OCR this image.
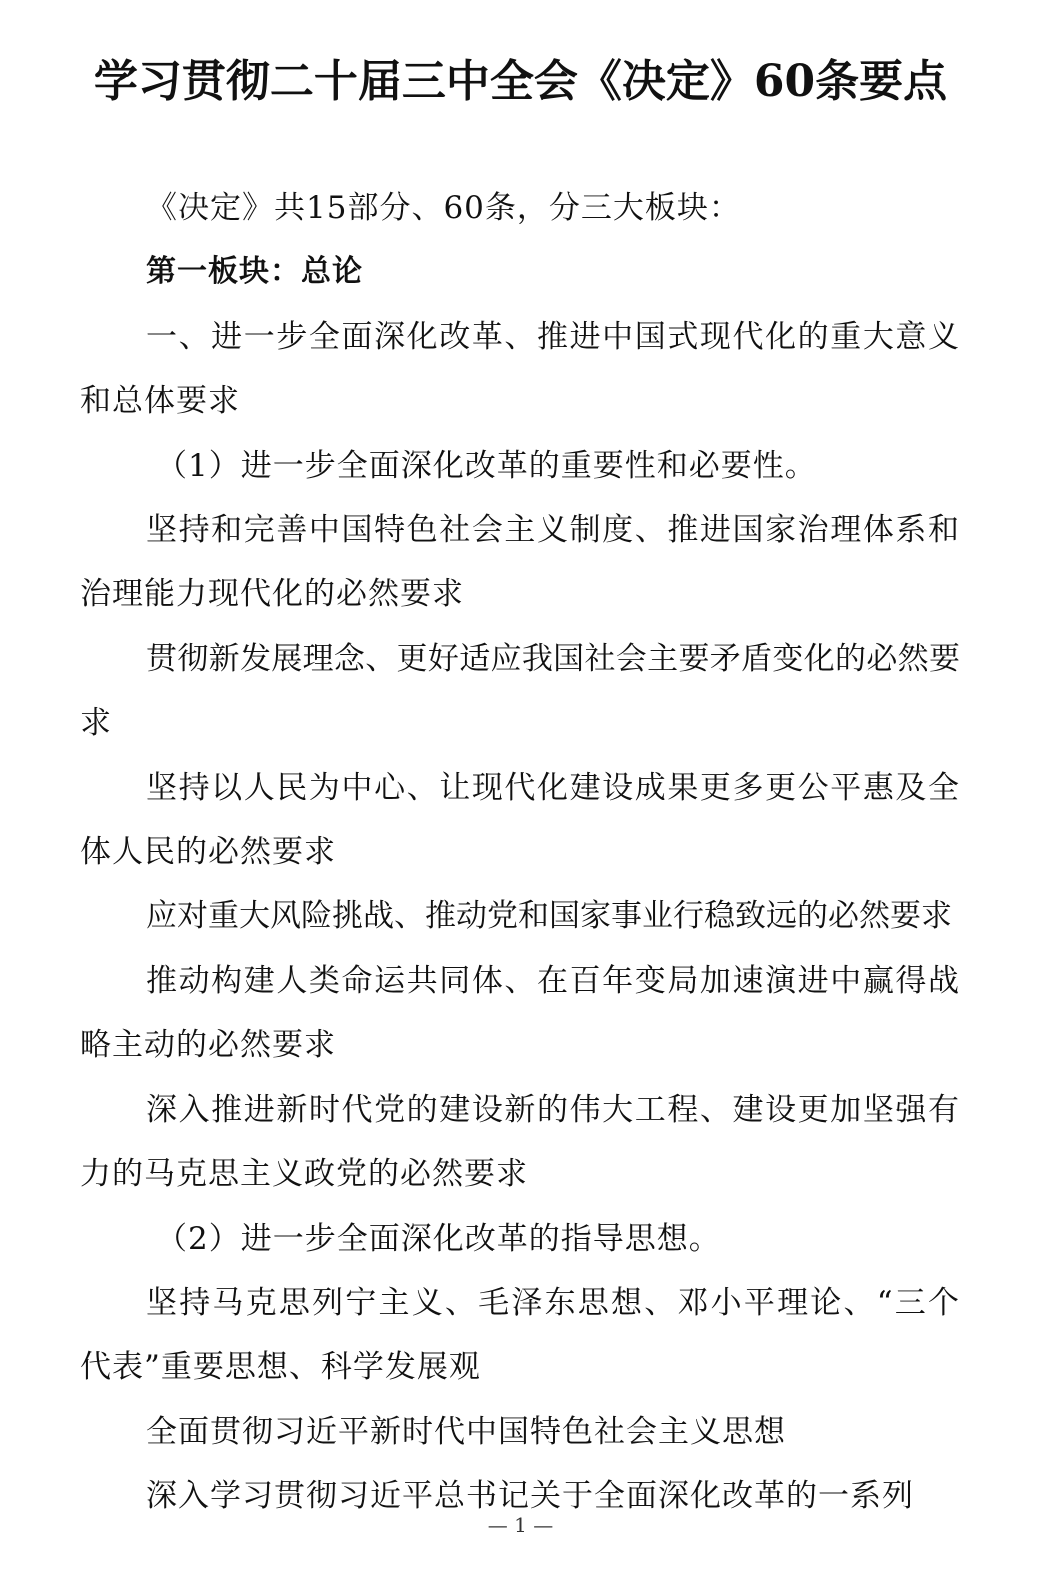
学习贯彻二十届三中全会《决定》60条要点

《决定》共15部分、60条，分三大板块：

第一板块：总论

一、进一步全面深化改革、推进中国式现代化的重大意义和总体要求

（1）进一步全面深化改革的重要性和必要性。

坚持和完善中国特色社会主义制度、推进国家治理体系和治理能力现代化的必然要求

贯彻新发展理念、更好适应我国社会主要矛盾变化的必然要求

坚持以人民为中心、让现代化建设成果更多更公平惠及全体人民的必然要求

应对重大风险挑战、推动党和国家事业行稳致远的必然要求

推动构建人类命运共同体、在百年变局加速演进中赢得战略主动的必然要求

深入推进新时代党的建设新的伟大工程、建设更加坚强有力的马克思主义政党的必然要求

（2）进一步全面深化改革的指导思想。

坚持马克思列宁主义、毛泽东思想、邓小平理论、“三个代表”重要思想、科学发展观

全面贯彻习近平新时代中国特色社会主义思想

深入学习贯彻习近平总书记关于全面深化改革的一系列

— 1 —
